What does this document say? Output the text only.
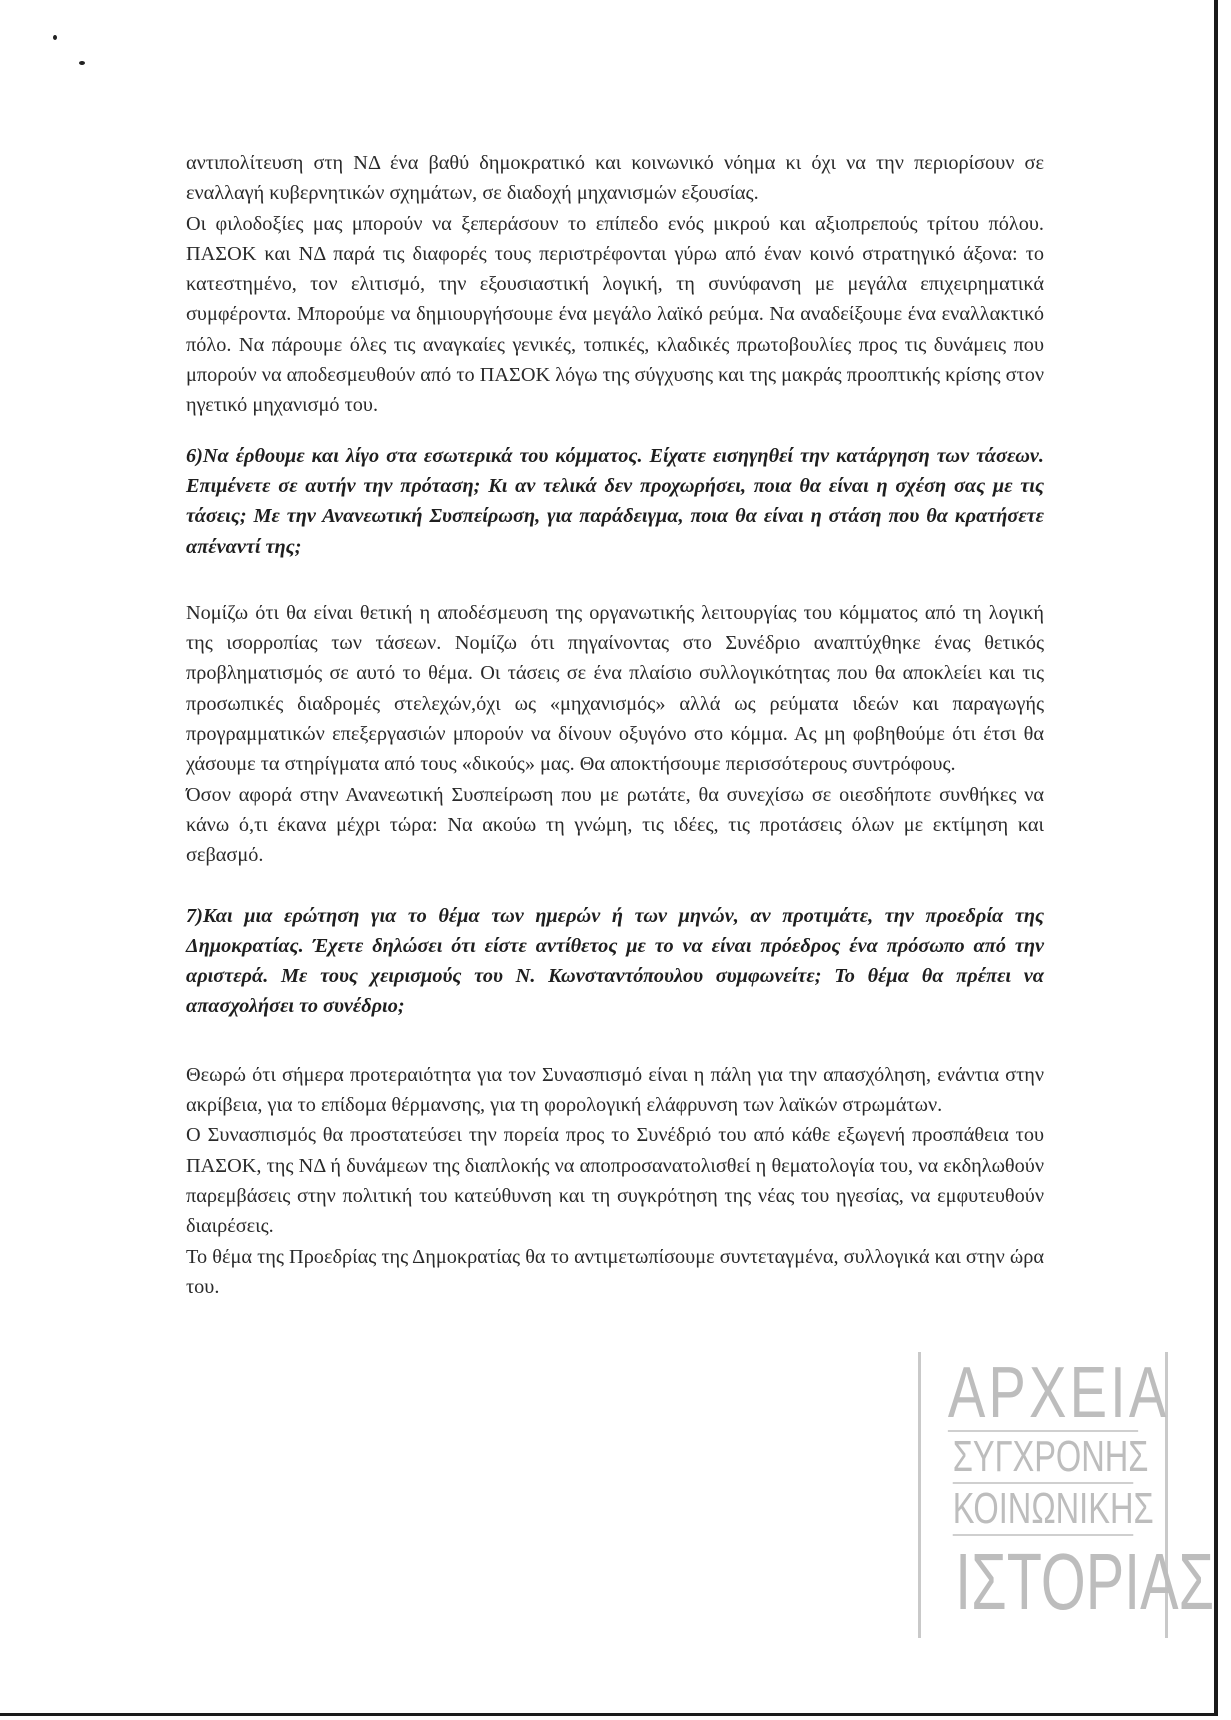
αντιπολίτευση στη ΝΔ ένα βαθύ δημοκρατικό και κοινωνικό νόημα κι όχι να την περιορίσουν σε εναλλαγή κυβερνητικών σχημάτων, σε διαδοχή μηχανισμών εξουσίας.

Οι φιλοδοξίες μας μπορούν να ξεπεράσουν το επίπεδο ενός μικρού και αξιοπρεπούς τρίτου πόλου. ΠΑΣΟΚ και ΝΔ παρά τις διαφορές τους περιστρέφονται γύρω από έναν κοινό στρατηγικό άξονα: το κατεστημένο, τον ελιτισμό, την εξουσιαστική λογική, τη συνύφανση με μεγάλα επιχειρηματικά συμφέροντα. Μπορούμε να δημιουργήσουμε ένα μεγάλο λαϊκό ρεύμα. Να αναδείξουμε ένα εναλλακτικό πόλο. Να πάρουμε όλες τις αναγκαίες γενικές, τοπικές, κλαδικές πρωτοβουλίες προς τις δυνάμεις που μπορούν να αποδεσμευθούν από το ΠΑΣΟΚ λόγω της σύγχυσης και της μακράς προοπτικής κρίσης στον ηγετικό μηχανισμό του.

6)Να έρθουμε και λίγο στα εσωτερικά του κόμματος. Είχατε εισηγηθεί την κατάργηση των τάσεων. Επιμένετε σε αυτήν την πρόταση; Κι αν τελικά δεν προχωρήσει, ποια θα είναι η σχέση σας με τις τάσεις; Με την Ανανεωτική Συσπείρωση, για παράδειγμα, ποια θα είναι η στάση που θα κρατήσετε απέναντί της;

Νομίζω ότι θα είναι θετική η αποδέσμευση της οργανωτικής λειτουργίας του κόμματος από τη λογική της ισορροπίας των τάσεων. Νομίζω ότι πηγαίνοντας στο Συνέδριο αναπτύχθηκε ένας θετικός προβληματισμός σε αυτό το θέμα. Οι τάσεις σε ένα πλαίσιο συλλογικότητας που θα αποκλείει και τις προσωπικές διαδρομές στελεχών,όχι ως «μηχανισμός» αλλά ως ρεύματα ιδεών και παραγωγής προγραμματικών επεξεργασιών μπορούν να δίνουν οξυγόνο στο κόμμα. Ας μη φοβηθούμε ότι έτσι θα χάσουμε τα στηρίγματα από τους «δικούς» μας. Θα αποκτήσουμε περισσότερους συντρόφους.

Όσον αφορά στην Ανανεωτική Συσπείρωση που με ρωτάτε, θα συνεχίσω σε οιεσδήποτε συνθήκες να κάνω ό,τι έκανα μέχρι τώρα: Να ακούω τη γνώμη, τις ιδέες, τις προτάσεις όλων με εκτίμηση και σεβασμό.

7)Και μια ερώτηση για το θέμα των ημερών ή των μηνών, αν προτιμάτε, την προεδρία της Δημοκρατίας. Έχετε δηλώσει ότι είστε αντίθετος με το να είναι πρόεδρος ένα πρόσωπο από την αριστερά. Με τους χειρισμούς του Ν. Κωνσταντόπουλου συμφωνείτε; Το θέμα θα πρέπει να απασχολήσει το συνέδριο;

Θεωρώ ότι σήμερα προτεραιότητα για τον Συνασπισμό είναι η πάλη για την απασχόληση, ενάντια στην ακρίβεια, για το επίδομα θέρμανσης, για τη φορολογική ελάφρυνση των λαϊκών στρωμάτων.

Ο Συνασπισμός θα προστατεύσει την πορεία προς το Συνέδριό του από κάθε εξωγενή προσπάθεια του ΠΑΣΟΚ, της ΝΔ ή δυνάμεων της διαπλοκής να αποπροσανατολισθεί η θεματολογία του, να εκδηλωθούν παρεμβάσεις στην πολιτική του κατεύθυνση και τη συγκρότηση της νέας του ηγεσίας, να εμφυτευθούν διαιρέσεις.

Το θέμα της Προεδρίας της Δημοκρατίας θα το αντιμετωπίσουμε συντεταγμένα, συλλογικά και στην ώρα του.

ΑΡΧΕΙΑ
ΣΥΓΧΡΟΝΗΣ
ΚΟΙΝΩΝΙΚΗΣ
ΙΣΤΟΡΙΑΣ
